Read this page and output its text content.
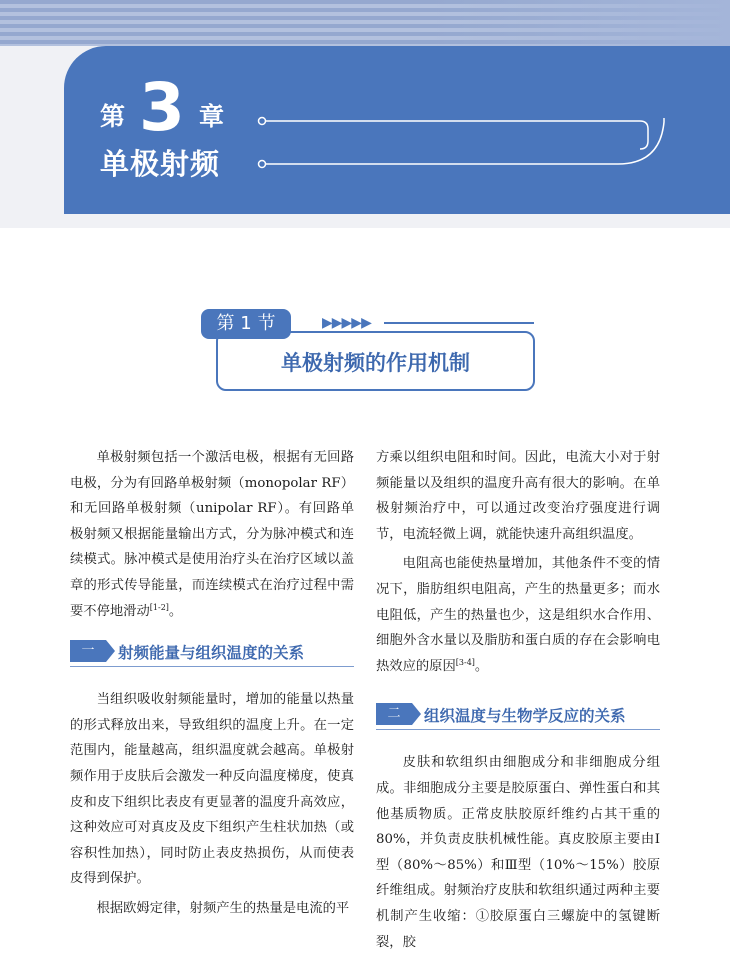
第 3 章
单极射频
第 1 节	▶▶▶▶▶
单极射频的作用机制

单极射频包括一个激活电极，根据有无回路电极，分为有回路单极射频（monopolar RF）和无回路单极射频（unipolar RF）。有回路单极射频又根据能量输出方式，分为脉冲模式和连续模式。脉冲模式是使用治疗头在治疗区域以盖章的形式传导能量，而连续模式在治疗过程中需要不停地滑动[1-2]。

一	射频能量与组织温度的关系

当组织吸收射频能量时，增加的能量以热量的形式释放出来，导致组织的温度上升。在一定范围内，能量越高，组织温度就会越高。单极射频作用于皮肤后会激发一种反向温度梯度，使真皮和皮下组织比表皮有更显著的温度升高效应，这种效应可对真皮及皮下组织产生柱状加热（或容积性加热），同时防止表皮热损伤，从而使表皮得到保护。

根据欧姆定律，射频产生的热量是电流的平

方乘以组织电阻和时间。因此，电流大小对于射频能量以及组织的温度升高有很大的影响。在单极射频治疗中，可以通过改变治疗强度进行调节，电流轻微上调，就能快速升高组织温度。

电阻高也能使热量增加，其他条件不变的情况下，脂肪组织电阻高，产生的热量更多；而水电阻低，产生的热量也少，这是组织水合作用、细胞外含水量以及脂肪和蛋白质的存在会影响电热效应的原因[3-4]。

二	组织温度与生物学反应的关系

皮肤和软组织由细胞成分和非细胞成分组成。非细胞成分主要是胶原蛋白、弹性蛋白和其他基质物质。正常皮肤胶原纤维约占其干重的80%，并负责皮肤机械性能。真皮胶原主要由Ⅰ型（80%～85%）和Ⅲ型（10%～15%）胶原纤维组成。射频治疗皮肤和软组织通过两种主要机制产生收缩：①胶原蛋白三螺旋中的氢键断裂，胶
